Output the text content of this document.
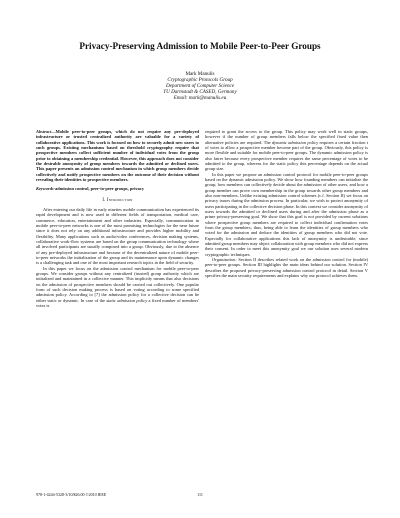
Privacy-Preserving Admission to Mobile Peer-to-Peer Groups
Mark Manulis
Cryptographic Protocols Group
Department of Computer Science
TU Darmstadt & CASED, Germany
Email: mark@manulis.eu
Abstract—Mobile peer-to-peer groups, which do not require any pre-deployed infrastructure or trusted centralized authority are valuable for a variety of collaborative applications. This work is focused on how to securely admit new users to such groups. Existing mechanisms based on threshold cryptography require that prospective members collect sufficient number of individual votes from the group prior to obtaining a membership credential. However, this approach does not consider the desirable anonymity of group members towards the admitted or declined users. This paper presents an admission control mechanism in which group members decide collectively and notify prospective members on the outcome of their decision without revealing their identities to prospective members.
Keywords-admission control, peer-to-peer groups, privacy
I. Introduction

After entering our daily life in early nineties mobile communication has experienced its rapid development and is now used in different fields of transportation, medical care, commerce, education, entertainment and other industries. Especially, communication in mobile peer-to-peer networks is one of the most promising technologies for the near future since it does not rely on any additional infrastructure and provides higher mobility and flexibility. Many applications such as audio/video conferences, decision making systems, collaborative work-flow systems are based on the group communication technology where all involved participants are usually composed into a group. Obviously, due to the absence of any pre-deployed infrastructure and because of the decentralized nature of mobile peer-to-peer networks the initialization of the group and its maintenance upon dynamic changes is a challenging task and one of the most important research topics in the field of security.

In this paper we focus on the admission control mechanism for mobile peer-to-peer groups. We consider groups without any centralized (trusted) group authority which are initialized and maintained in a collective manner. This implicitly means that also decisions on the admission of prospective members should be carried out collectively. One popular form of such decision making process is based on voting according to some specified admission policy. According to [7] the admission policy for a collective decision can be either static or dynamic. In case of the static admission policy a fixed number of members' votes is

required to grant the access to the group. This policy may work well in static groups, however if the number of group members falls below the specified fixed value then alternative policies are required. The dynamic admission policy requires a certain fraction t of votes to allow a prospective member become part of the group. Obviously, this policy is more flexible and suitable for mobile peer-to-peer groups. The dynamic admission policy is also fairer because every prospective member requires the same percentage of votes to be admitted to the group, whereas for the static policy this percentage depends on the actual group size.

In this paper we propose an admission control protocol for mobile peer-to-peer groups based on the dynamic admission policy. We show how founding members can initialize the group, how members can collectively decide about the admission of other users, and how a group member can prove own membership in the group towards other group members and also non-members. Unlike existing admission control schemes (c.f. Section II) we focus on privacy issues during the admission process. In particular, we wish to protect anonymity of users participating in the collective decision phase. In this context we consider anonymity of users towards the admitted or declined users during and after the admission phase as a prime privacy-preserving goal. We show that this goal is not provided by current solutions where prospective group members are required to collect individual confirmation votes from the group members; thus, being able to learn the identities of group members who voted for the admission and deduce the identities of group members who did not vote. Especially for collaborative applications this lack of anonymity is undesirable, since admitted group members may object collaboration with group members who did not express their consent. In order to meet this anonymity goal we our solution uses several modern cryptographic techniques.

Organization: Section II describes related work on the admission control for (mobile) peer-to-peer groups. Section III highlights the main ideas behind our solution. Section IV describes the proposed privacy-preserving admission control protocol in detail. Section V specifies the main security requirements and explains why our protocol achieves them.

978-1-4244-5328-3/10/$26.00 ©2010 IEEE	111
